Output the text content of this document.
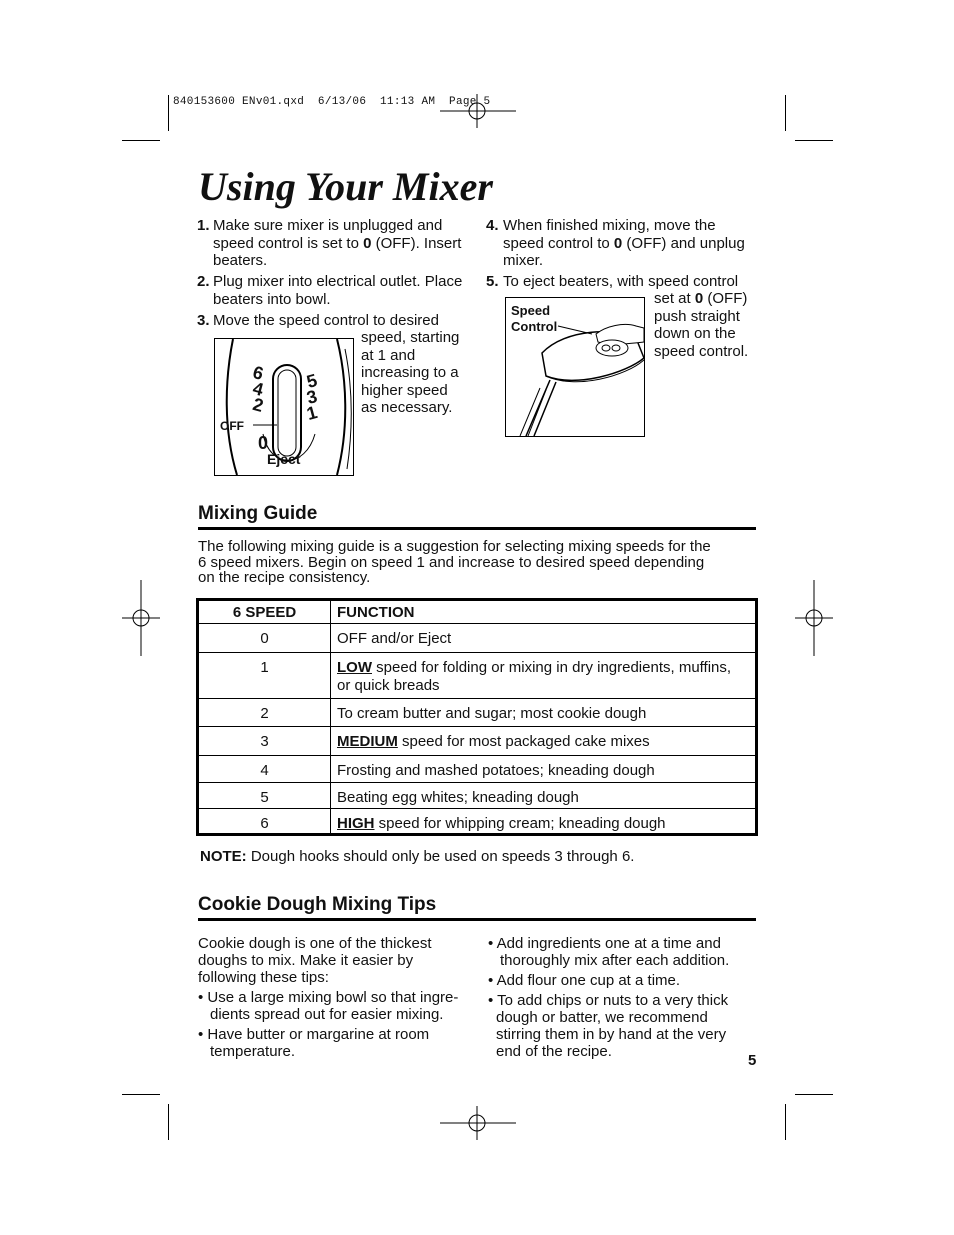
840153600 ENv01.qxd  6/13/06  11:13 AM  Page 5
Using Your Mixer
1. Make sure mixer is unplugged and
speed control is set to 0 (OFF). Insert
beaters.
2. Plug mixer into electrical outlet. Place
beaters into bowl.
3. Move the speed control to desired
speed, starting
at 1 and
increasing to a
higher speed
as necessary.
6
4
2
5
3
1
0
OFF
Eject
4. When finished mixing, move the
speed control to 0 (OFF) and unplug
mixer.
5. To eject beaters, with speed control
set at 0 (OFF)
push straight
down on the
speed control.
Speed
Control
Mixing Guide
The following mixing guide is a suggestion for selecting mixing speeds for the
6 speed mixers. Begin on speed 1 and increase to desired speed depending
on the recipe consistency.
6 SPEED	FUNCTION
0	OFF and/or Eject
1	LOW speed for folding or mixing in dry ingredients, muffins,
or quick breads
2	To cream butter and sugar; most cookie dough
3	MEDIUM speed for most packaged cake mixes
4	Frosting and mashed potatoes; kneading dough
5	Beating egg whites; kneading dough
6	HIGH speed for whipping cream; kneading dough
NOTE: Dough hooks should only be used on speeds 3 through 6.
Cookie Dough Mixing Tips
Cookie dough is one of the thickest
doughs to mix. Make it easier by
following these tips:
• Use a large mixing bowl so that ingre-
dients spread out for easier mixing.
• Have butter or margarine at room
temperature.
• Add ingredients one at a time and
thoroughly mix after each addition.
• Add flour one cup at a time.
• To add chips or nuts to a very thick
dough or batter, we recommend
stirring them in by hand at the very
end of the recipe.
5
